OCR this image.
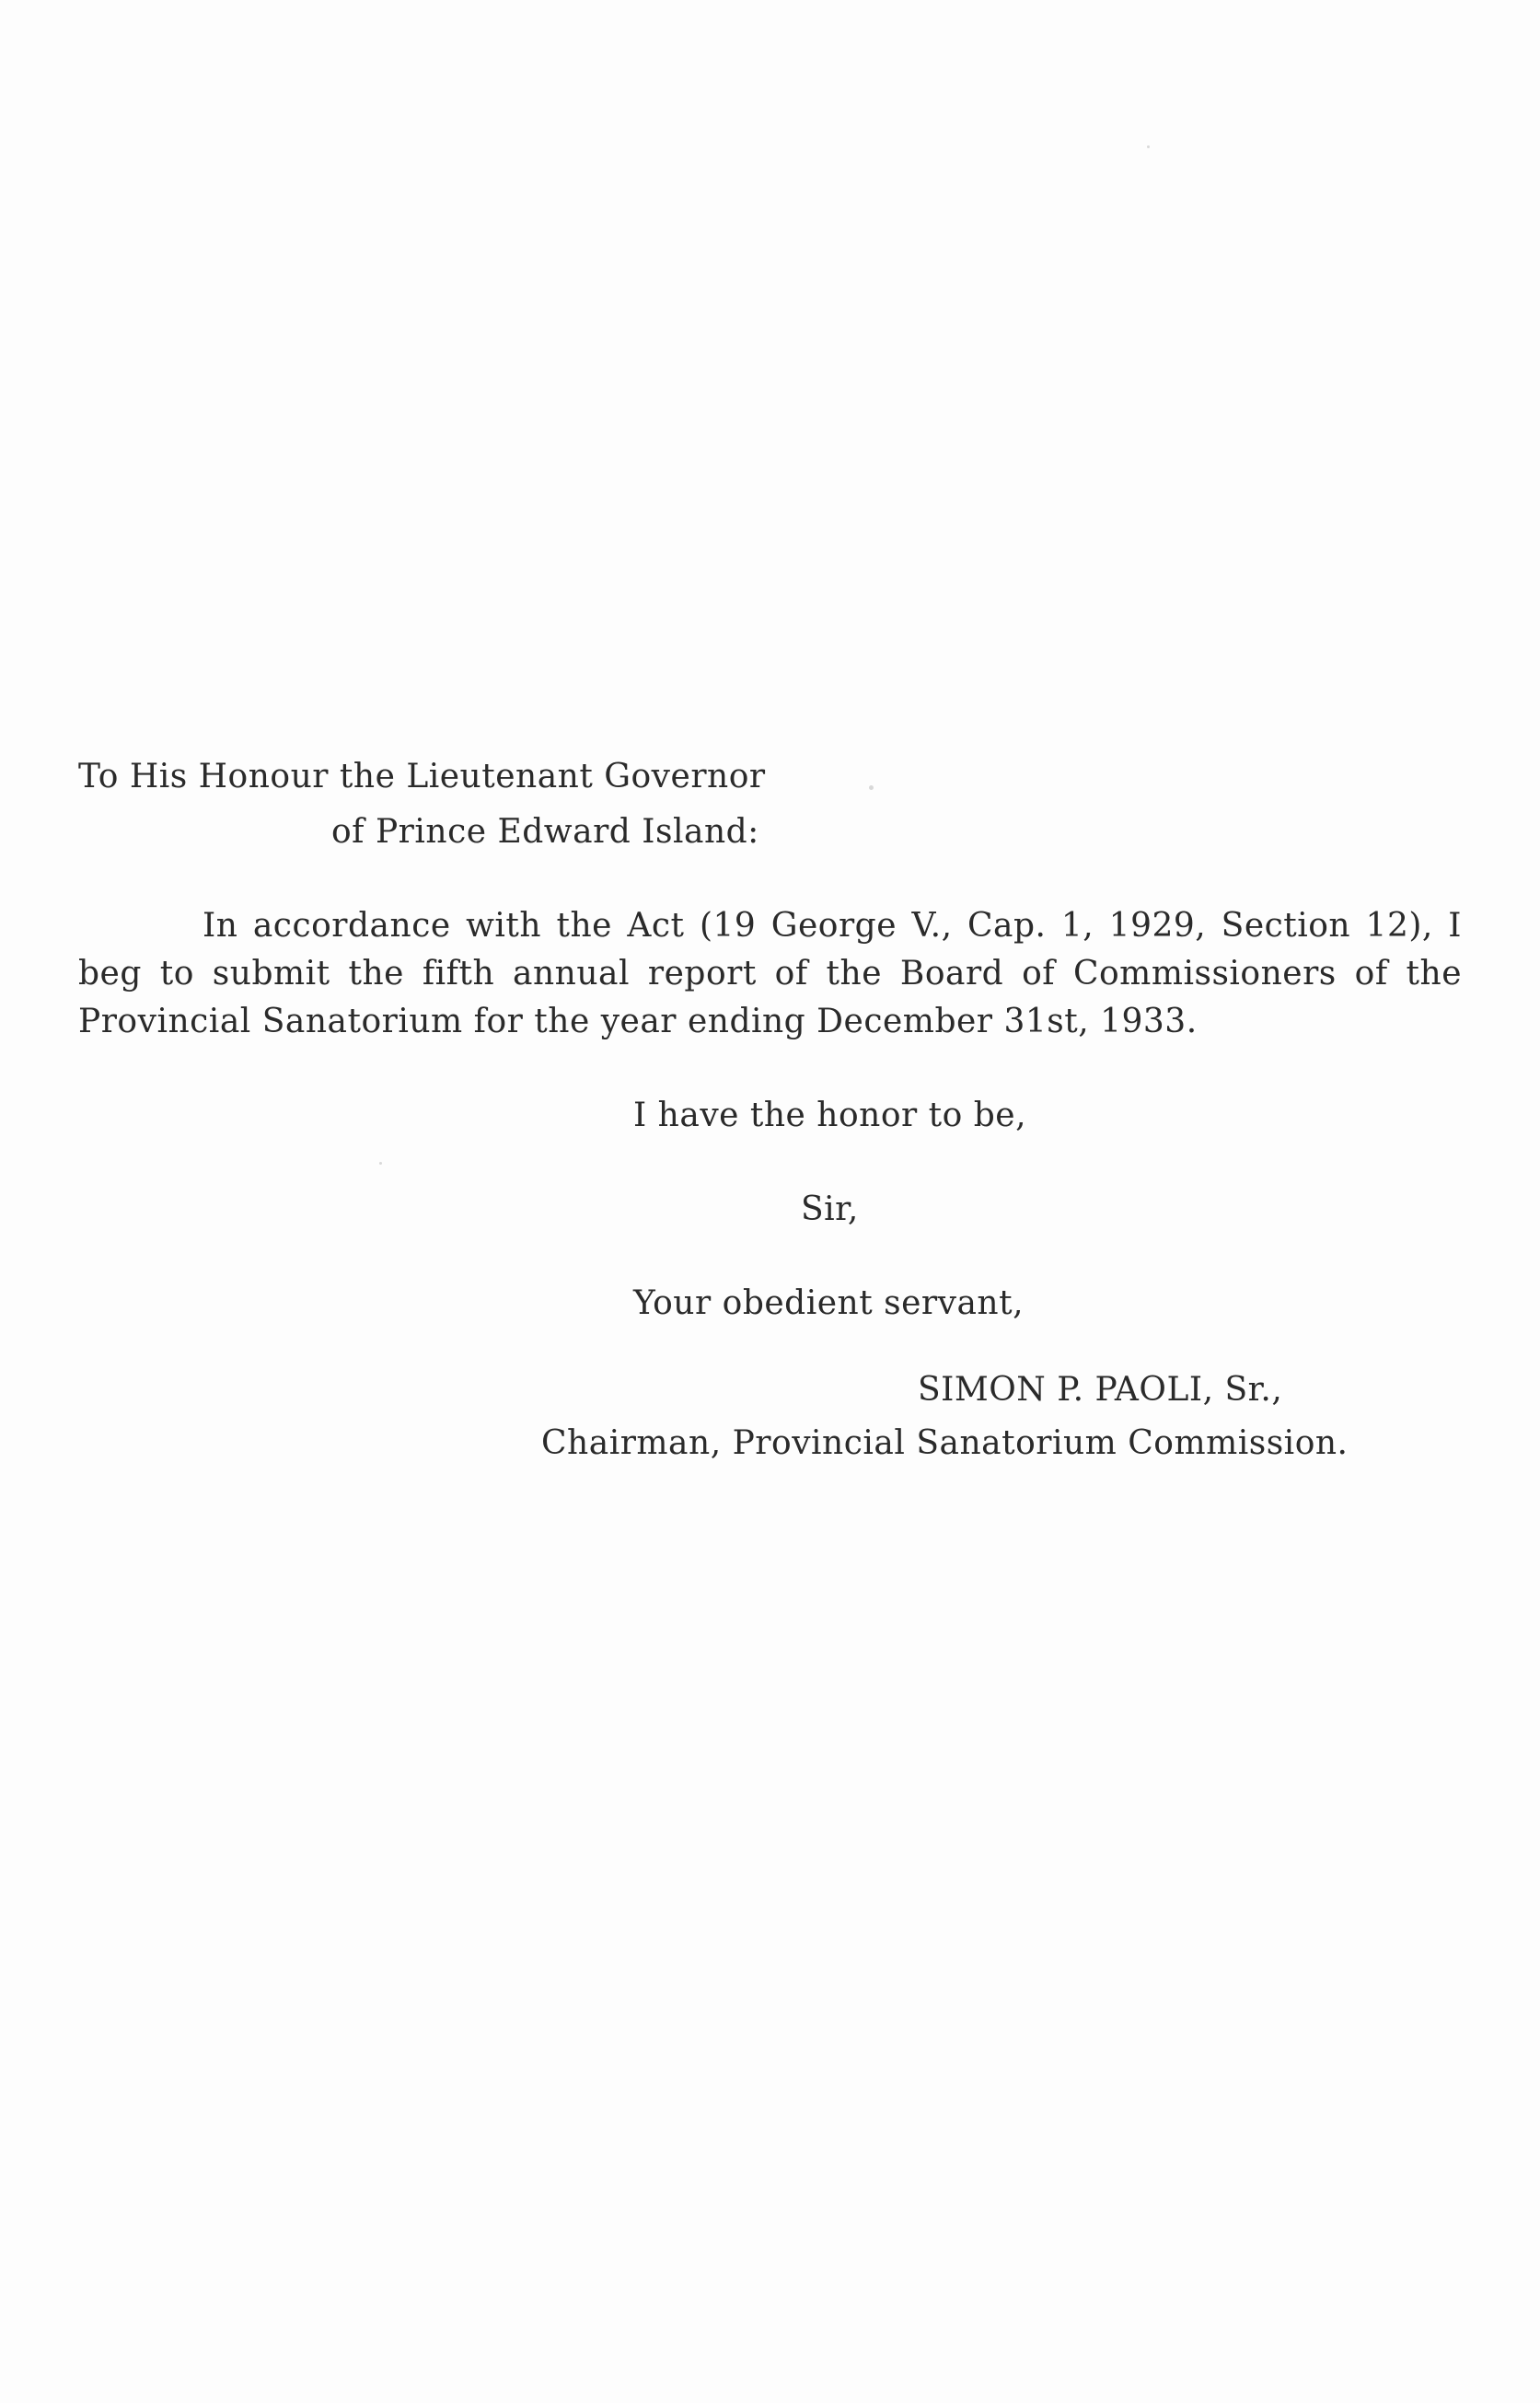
To His Honour the Lieutenant Governor
of Prince Edward Island:
In accordance with the Act (19 George V., Cap. 1, 1929, Section 12), I beg to submit the fifth annual report of the Board of Commissioners of the Provincial Sanatorium for the year ending December 31st, 1933.
I have the honor to be,
Sir,
Your obedient servant,
SIMON P. PAOLI, Sr.,
Chairman, Provincial Sanatorium Commission.
